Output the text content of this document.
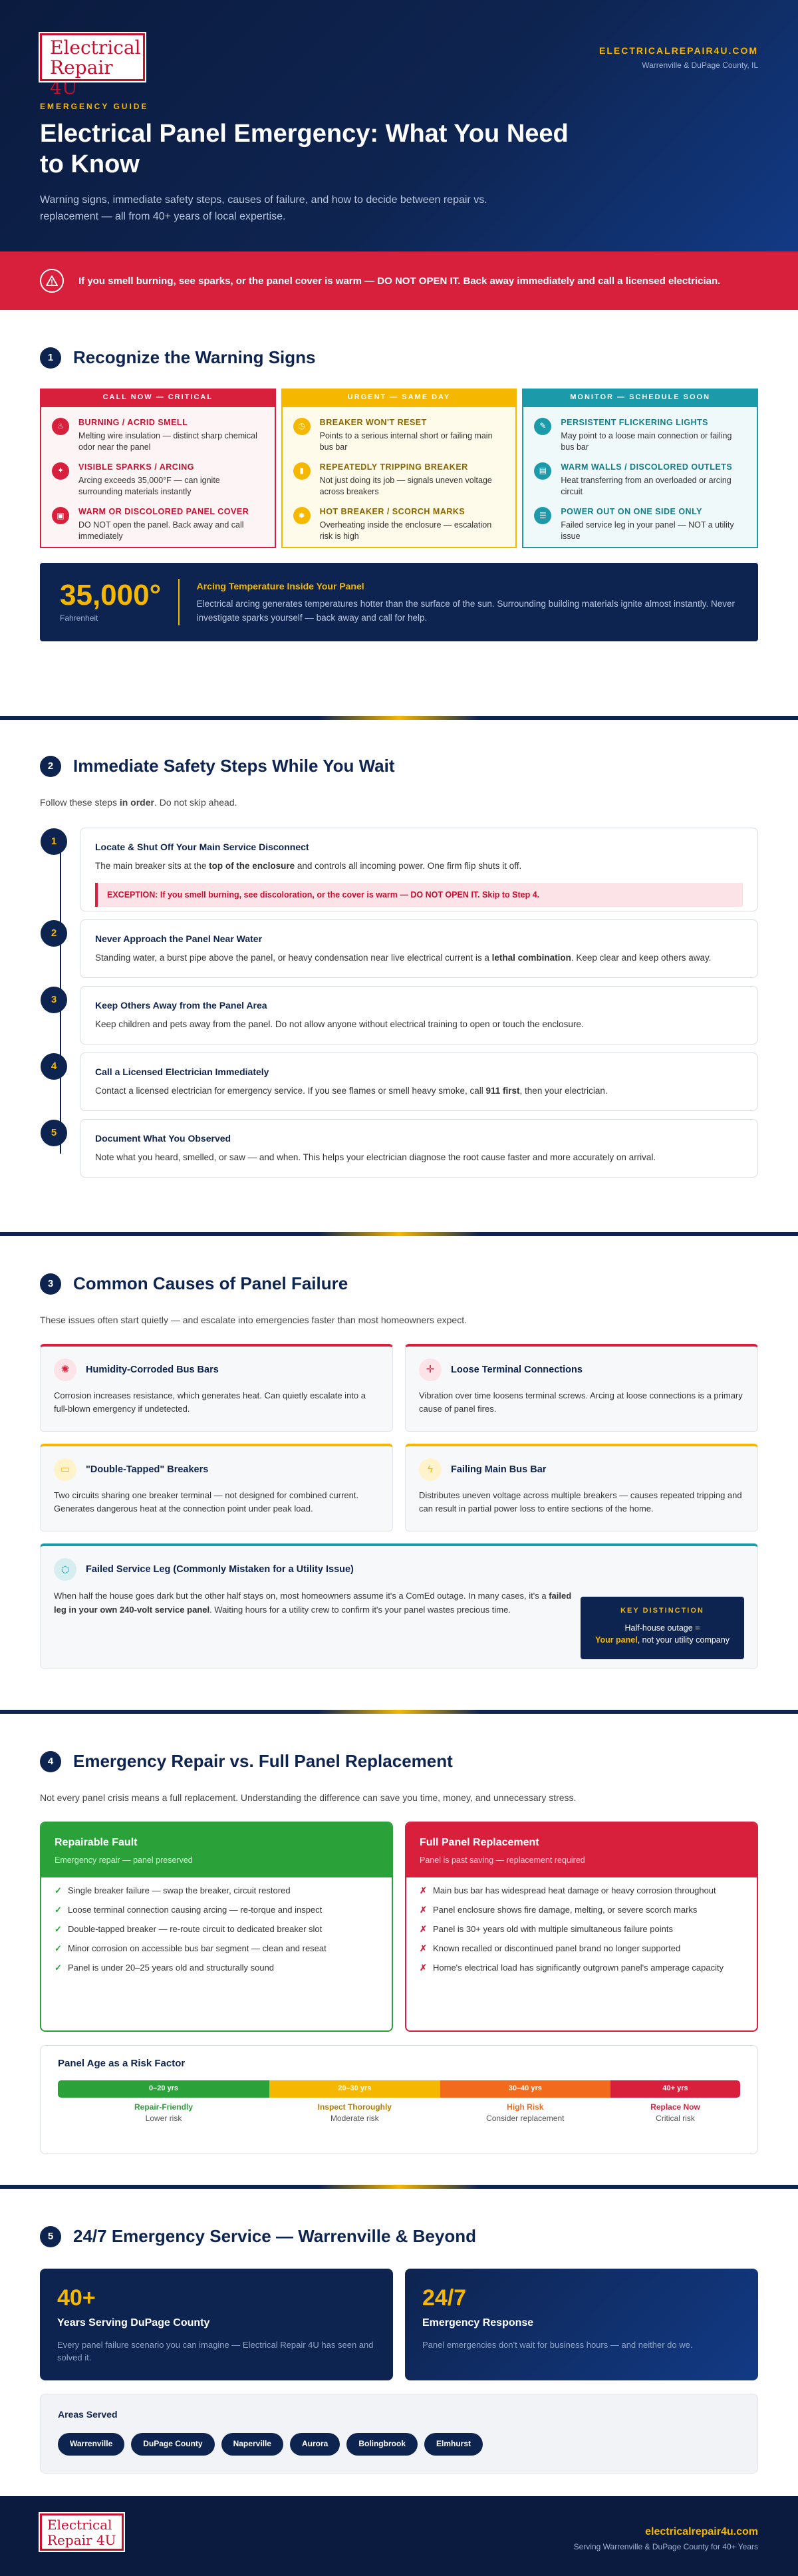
Electrical
Repair 4U
ELECTRICALREPAIR4U.COM
Warrenville & DuPage County, IL
EMERGENCY GUIDE
Electrical Panel Emergency: What You Need to Know

Warning signs, immediate safety steps, causes of failure, and how to decide between repair vs. replacement — all from 40+ years of local expertise.

If you smell burning, see sparks, or the panel cover is warm — DO NOT OPEN IT. Back away immediately and call a licensed electrician.
1	Recognize the Warning Signs
CALL NOW — CRITICAL
♨	BURNING / ACRID SMELL
Melting wire insulation — distinct sharp chemical odor near the panel
✦	VISIBLE SPARKS / ARCING
Arcing exceeds 35,000°F — can ignite surrounding materials instantly
▣	WARM OR DISCOLORED PANEL COVER
DO NOT open the panel. Back away and call immediately
URGENT — SAME DAY
◷	BREAKER WON'T RESET
Points to a serious internal short or failing main bus bar
▮	REPEATEDLY TRIPPING BREAKER
Not just doing its job — signals uneven voltage across breakers
✹	HOT BREAKER / SCORCH MARKS
Overheating inside the enclosure — escalation risk is high
MONITOR — SCHEDULE SOON
✎	PERSISTENT FLICKERING LIGHTS
May point to a loose main connection or failing bus bar
▤	WARM WALLS / DISCOLORED OUTLETS
Heat transferring from an overloaded or arcing circuit
☰	POWER OUT ON ONE SIDE ONLY
Failed service leg in your panel — NOT a utility issue
35,000°
Fahrenheit
Arcing Temperature Inside Your Panel
Electrical arcing generates temperatures hotter than the surface of the sun. Surrounding building materials ignite almost instantly. Never investigate sparks yourself — back away and call for help.
2	Immediate Safety Steps While You Wait

Follow these steps in order. Do not skip ahead.

1	Locate & Shut Off Your Main Service Disconnect
The main breaker sits at the top of the enclosure and controls all incoming power. One firm flip shuts it off.
EXCEPTION: If you smell burning, see discoloration, or the cover is warm — DO NOT OPEN IT. Skip to Step 4.
2	Never Approach the Panel Near Water
Standing water, a burst pipe above the panel, or heavy condensation near live electrical current is a lethal combination. Keep clear and keep others away.
3	Keep Others Away from the Panel Area
Keep children and pets away from the panel. Do not allow anyone without electrical training to open or touch the enclosure.
4	Call a Licensed Electrician Immediately
Contact a licensed electrician for emergency service. If you see flames or smell heavy smoke, call 911 first, then your electrician.
5	Document What You Observed
Note what you heard, smelled, or saw — and when. This helps your electrician diagnose the root cause faster and more accurately on arrival.
3	Common Causes of Panel Failure

These issues often start quietly — and escalate into emergencies faster than most homeowners expect.

✺	Humidity-Corroded Bus Bars
Corrosion increases resistance, which generates heat. Can quietly escalate into a full-blown emergency if undetected.
✛	Loose Terminal Connections
Vibration over time loosens terminal screws. Arcing at loose connections is a primary cause of panel fires.
▭	"Double-Tapped" Breakers
Two circuits sharing one breaker terminal — not designed for combined current. Generates dangerous heat at the connection point under peak load.
ϟ	Failing Main Bus Bar
Distributes uneven voltage across multiple breakers — causes repeated tripping and can result in partial power loss to entire sections of the home.
⬡	Failed Service Leg (Commonly Mistaken for a Utility Issue)
When half the house goes dark but the other half stays on, most homeowners assume it's a ComEd outage. In many cases, it's a failed leg in your own 240-volt service panel. Waiting hours for a utility crew to confirm it's your panel wastes precious time.	KEY DISTINCTION
Half-house outage =
Your panel, not your utility company
4	Emergency Repair vs. Full Panel Replacement

Not every panel crisis means a full replacement. Understanding the difference can save you time, money, and unnecessary stress.

Repairable Fault
Emergency repair — panel preserved
✓ Single breaker failure — swap the breaker, circuit restored
✓ Loose terminal connection causing arcing — re-torque and inspect
✓ Double-tapped breaker — re-route circuit to dedicated breaker slot
✓ Minor corrosion on accessible bus bar segment — clean and reseat
✓ Panel is under 20–25 years old and structurally sound
Full Panel Replacement
Panel is past saving — replacement required
✗ Main bus bar has widespread heat damage or heavy corrosion throughout
✗ Panel enclosure shows fire damage, melting, or severe scorch marks
✗ Panel is 30+ years old with multiple simultaneous failure points
✗ Known recalled or discontinued panel brand no longer supported
✗ Home's electrical load has significantly outgrown panel's amperage capacity
Panel Age as a Risk Factor
0–20 yrs	20–30 yrs	30–40 yrs	40+ yrs
Repair-Friendly
Lower risk
Inspect Thoroughly
Moderate risk
High Risk
Consider replacement
Replace Now
Critical risk
5	24/7 Emergency Service — Warrenville & Beyond
40+
Years Serving DuPage County
Every panel failure scenario you can imagine — Electrical Repair 4U has seen and solved it.
24/7
Emergency Response
Panel emergencies don't wait for business hours — and neither do we.
Areas Served
Warrenville	DuPage County	Naperville	Aurora	Bolingbrook	Elmhurst
Electrical
Repair 4U
electricalrepair4u.com
Serving Warrenville & DuPage County for 40+ Years
